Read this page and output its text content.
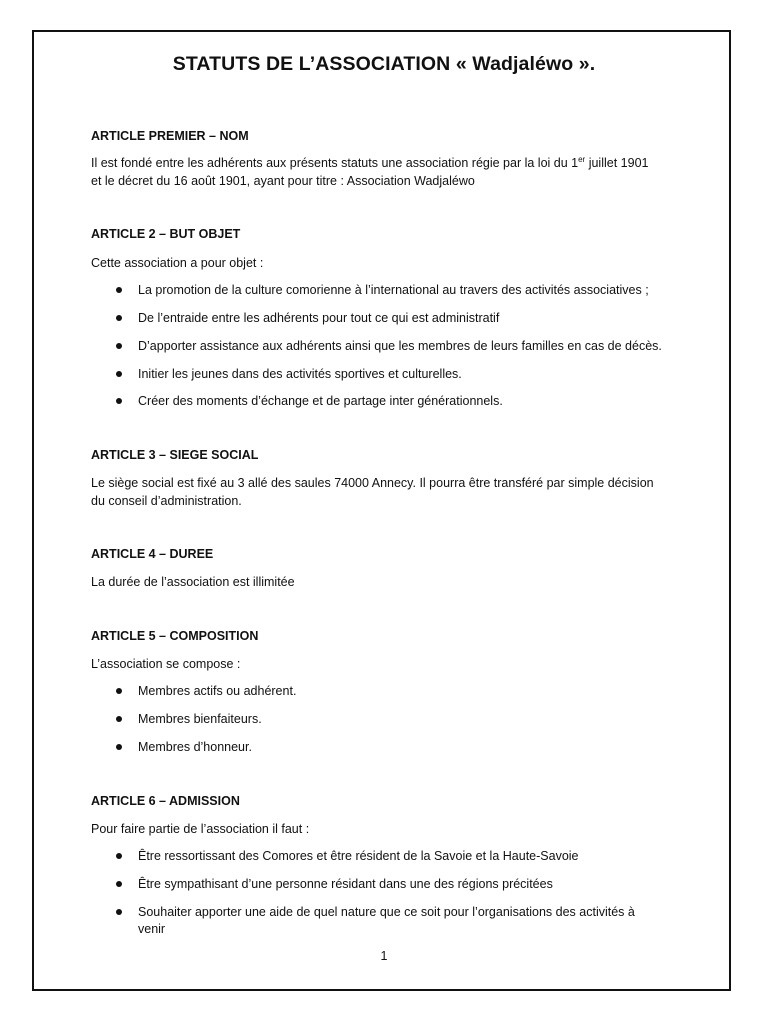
STATUTS DE L’ASSOCIATION « Wadjaléwo ».
ARTICLE PREMIER – NOM
Il est fondé entre les adhérents aux présents statuts une association régie par la loi du 1er juillet 1901
et le décret du 16 août 1901, ayant pour titre : Association Wadjaléwo
ARTICLE 2 – BUT OBJET
Cette association a pour objet :
La promotion de la culture comorienne à l’international au travers des activités associatives ;
De l’entraide entre les adhérents pour tout ce qui est administratif
D’apporter assistance aux adhérents ainsi que les membres de leurs familles en cas de décès.
Initier les jeunes dans des activités sportives et culturelles.
Créer des moments d’échange et de partage inter générationnels.
ARTICLE 3 – SIEGE SOCIAL
Le siège social est fixé au 3 allé des saules 74000 Annecy. Il pourra être transféré par simple décision
du conseil d’administration.
ARTICLE 4 – DUREE
La durée de l’association est illimitée
ARTICLE 5 – COMPOSITION
L’association se compose :
Membres actifs ou adhérent.
Membres bienfaiteurs.
Membres d’honneur.
ARTICLE 6 – ADMISSION
Pour faire partie de l’association il faut :
Être ressortissant des Comores et être résident de la Savoie et la Haute-Savoie
Être sympathisant d’une personne résidant dans une des régions précitées
Souhaiter apporter une aide de quel nature que ce soit pour l’organisations des activités à
venir
1
